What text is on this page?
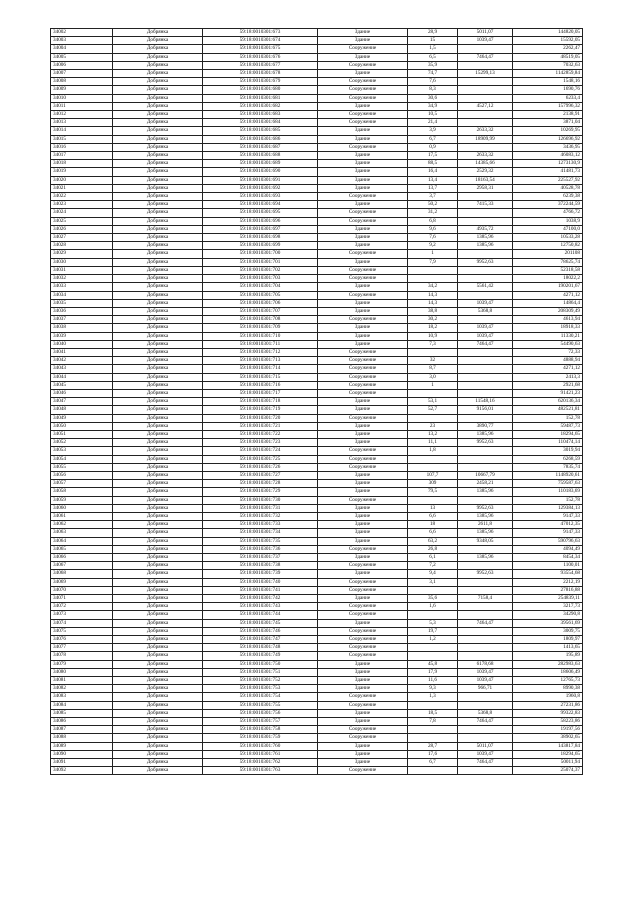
34002	Добрянка	59:18:0010301:673	Здание	28,9	5011,07	144820,05
34003	Добрянка	59:18:0010301:674	Здание	15	1039,47	15592,05
34004	Добрянка	59:18:0010301:675	Сооружение	1,5		2262,47
34005	Добрянка	59:18:0010301:676	Здание	6,5	7464,47	48519,05
34006	Добрянка	59:18:0010301:677	Сооружение	35,9		7032,63
34007	Добрянка	59:18:0010301:678	Здание	74,7	15299,13	1142859,84
34008	Добрянка	59:18:0010301:679	Сооружение	7,6		1548,16
34009	Добрянка	59:18:0010301:680	Сооружение	8,3		1690,76
34010	Добрянка	59:18:0010301:681	Сооружение	30,6		6233,4
34011	Добрянка	59:18:0010301:682	Здание	34,9	4527,12	157996,32
34012	Добрянка	59:18:0010301:683	Сооружение	10,5		2138,91
34013	Добрянка	59:18:0010301:684	Сооружение	21,4		3871,04
34014	Добрянка	59:18:0010301:685	Здание	3,9	2633,32	10269,95
34015	Добрянка	59:18:0010301:686	Здание	6,7	18909,99	126696,92
34016	Добрянка	59:18:0010301:687	Сооружение	0,9		3436,95
34017	Добрянка	59:18:0010301:688	Здание	17,5	2633,32	46083,12
34018	Добрянка	59:18:0010301:689	Здание	88,5	14385,66	1273130,9
34019	Добрянка	59:18:0010301:690	Здание	16,4	2529,32	41481,73
34020	Добрянка	59:18:0010301:691	Здание	13,4	18163,54	225527,92
34021	Добрянка	59:18:0010301:692	Здание	13,7	2958,31	40528,78
34022	Добрянка	59:18:0010301:693	Сооружение	3,7		6239,38
34023	Добрянка	59:18:0010301:694	Здание	50,2	7415,33	372244,59
34024	Добрянка	59:18:0010301:695	Сооружение	31,2		4766,72
34025	Добрянка	59:18:0010301:696	Сооружение	6,8		1038,9
34026	Добрянка	59:18:0010301:697	Здание	9,6	4935,72	47100,0
34027	Добрянка	59:18:0010301:698	Здание	7,6	1385,96	10533,28
34028	Добрянка	59:18:0010301:699	Здание	9,2	1385,96	12750,82
34029	Добрянка	59:18:0010301:700	Сооружение	1		201108
34030	Добрянка	59:18:0010301:701	Здание	7,9	9952,63	78625,74
34031	Добрянка	59:18:0010301:702	Сооружение			52318,58
34032	Добрянка	59:18:0010301:703	Сооружение			18022,2
34033	Добрянка	59:18:0010301:704	Здание	34,2	5561,42	190201,67
34034	Добрянка	59:18:0010301:705	Сооружение	14,3		4271,12
34035	Добрянка	59:18:0010301:706	Здание	14,3	1039,47	14864,4
34036	Добрянка	59:18:0010301:707	Здание	38,8	5368,8	208309,49
34037	Добрянка	59:18:0010301:708	Сооружение	30,2		4613,94
34038	Добрянка	59:18:0010301:709	Здание	18,2	1039,47	18918,33
34039	Добрянка	59:18:0010301:710	Здание	10,9	1039,47	11330,21
34040	Добрянка	59:18:0010301:711	Здание	7,3	7464,47	54490,63
34041	Добрянка	59:18:0010301:712	Сооружение			72,33
34042	Добрянка	59:18:0010301:713	Сооружение	32		4888,94
34043	Добрянка	59:18:0010301:714	Сооружение	8,7		4271,12
34044	Добрянка	59:18:0010301:715	Сооружение	3,0		2413,3
34045	Добрянка	59:18:0010301:716	Сооружение	1		2921,68
34046	Добрянка	59:18:0010301:717	Сооружение			91421,23
34047	Добрянка	59:18:0010301:718	Здание	53,1	11548,16	620136,34
34048	Добрянка	59:18:0010301:719	Здание	52,7	9156,01	482521,81
34049	Добрянка	59:18:0010301:720	Сооружение			152,78
34050	Добрянка	59:18:0010301:721	Здание	23	3890,77	59487,73
34051	Добрянка	59:18:0010301:722	Здание	13,2	1385,96	18294,65
34052	Добрянка	59:18:0010301:723	Здание	11,1	9952,63	110474,14
34053	Добрянка	59:18:0010301:724	Сооружение	1,8		3019,94
34054	Добрянка	59:18:0010301:725	Сооружение			6268,59
34055	Добрянка	59:18:0010301:726	Сооружение			7835,74
34056	Добрянка	59:18:0010301:727	Здание	107,7	10667,79	1148920,61
34057	Добрянка	59:18:0010301:728	Здание	309	2458,21	759587,63
34058	Добрянка	59:18:0010301:729	Здание	79,5	1385,96	110183,69
34059	Добрянка	59:18:0010301:730	Сооружение			152,78
34060	Добрянка	59:18:0010301:731	Здание	13	9952,63	129384,13
34061	Добрянка	59:18:0010301:732	Здание	6,6	1385,96	9147,33
34062	Добрянка	59:18:0010301:733	Здание	18	2611,8	47012,35
34063	Добрянка	59:18:0010301:734	Здание	6,6	1385,96	9147,33
34064	Добрянка	59:18:0010301:735	Здание	63,2	9348,05	590796,63
34065	Добрянка	59:18:0010301:736	Сооружение	26,8		4094,49
34066	Добрянка	59:18:0010301:737	Здание	6,1	1385,96	8454,34
34067	Добрянка	59:18:0010301:738	Сооружение	7,2		1100,01
34068	Добрянка	59:18:0010301:739	Здание	9,4	9952,63	93554,68
34069	Добрянка	59:18:0010301:740	Сооружение	3,1		2212,19
34070	Добрянка	59:18:0010301:741	Сооружение			27816,88
34071	Добрянка	59:18:0010301:742	Здание	35,6	7158,4	254839,11
34072	Добрянка	59:18:0010301:743	Сооружение	1,6		3217,73
34073	Добрянка	59:18:0010301:744	Сооружение			34290,8
34074	Добрянка	59:18:0010301:745	Здание	5,3	7464,47	39561,69
34075	Добрянка	59:18:0010301:746	Сооружение	19,7		3009,75
34076	Добрянка	59:18:0010301:747	Сооружение	1,2		1809,97
34077	Добрянка	59:18:0010301:748	Сооружение			1413,65
34078	Добрянка	59:18:0010301:749	Сооружение			195,89
34079	Добрянка	59:18:0010301:750	Здание	45,8	6178,68	282983,63
34080	Добрянка	59:18:0010301:751	Здание	17,9	1039,47	18606,49
34081	Добрянка	59:18:0010301:752	Здание	11,6	1039,47	12765,73
34082	Добрянка	59:18:0010301:753	Здание	9,3	966,71	8990,38
34083	Добрянка	59:18:0010301:754	Сооружение	1,3		1960,8
34084	Добрянка	59:18:0010301:755	Сооружение			27231,86
34085	Добрянка	59:18:0010301:756	Здание	18,5	5368,8	99322,83
34086	Добрянка	59:18:0010301:757	Здание	7,8	7464,47	58223,86
34087	Добрянка	59:18:0010301:758	Сооружение			19197,56
34088	Добрянка	59:18:0010301:759	Сооружение			38902,65
34089	Добрянка	59:18:0010301:760	Здание	28,7	5011,07	143817,84
34090	Добрянка	59:18:0010301:761	Здание	17,6	1039,47	18294,65
34091	Добрянка	59:18:0010301:762	Здание	6,7	7464,47	50011,94
34092	Добрянка	59:18:0010301:763	Сооружение			25074,37
